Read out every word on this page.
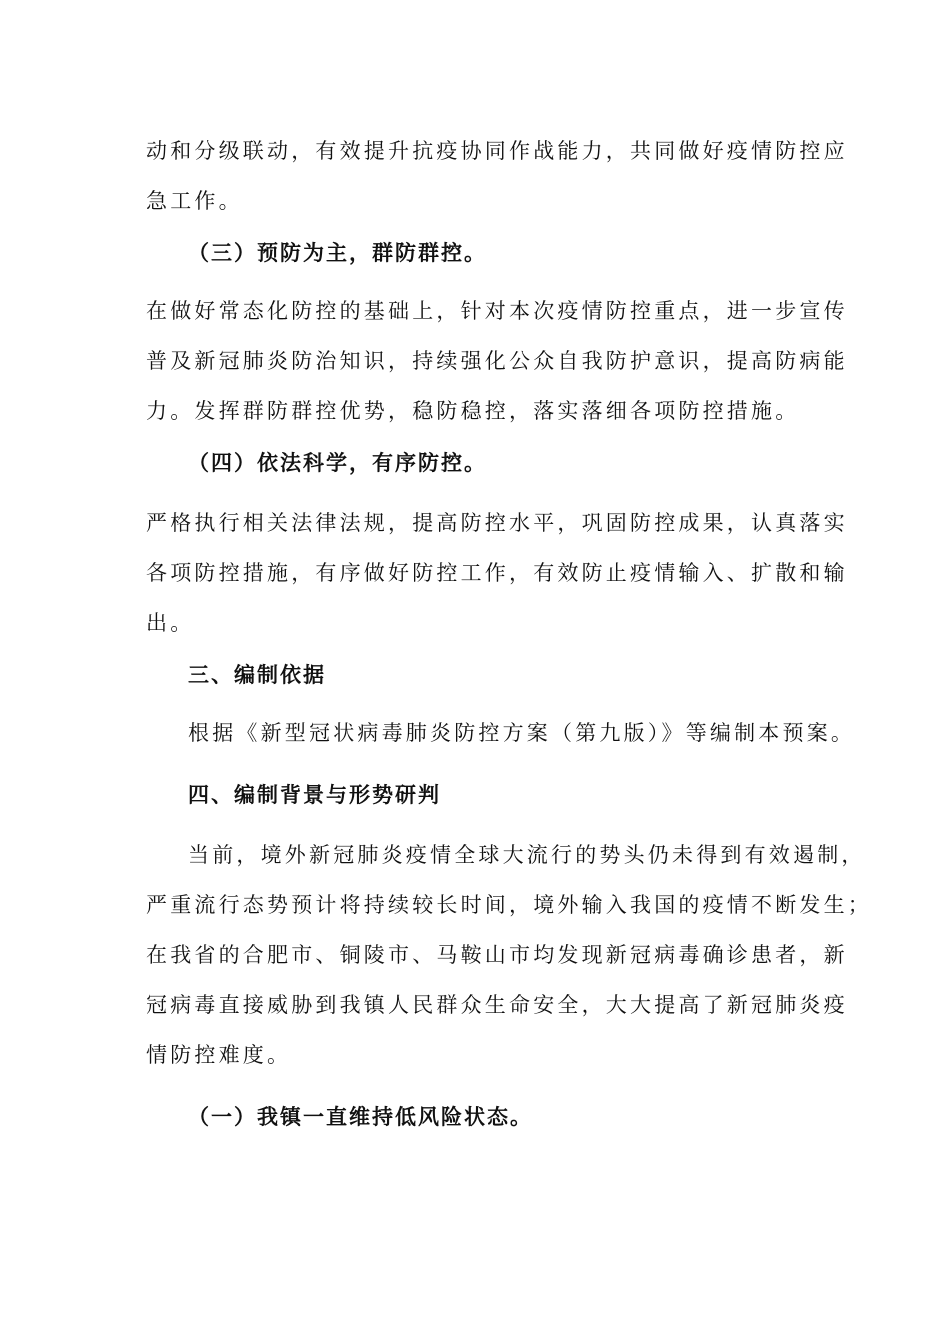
动和分级联动，有效提升抗疫协同作战能力，共同做好疫情防控应
急工作。
（三）预防为主，群防群控。
在做好常态化防控的基础上，针对本次疫情防控重点，进一步宣传
普及新冠肺炎防治知识，持续强化公众自我防护意识，提高防病能
力。发挥群防群控优势，稳防稳控，落实落细各项防控措施。
（四）依法科学，有序防控。
严格执行相关法律法规，提高防控水平，巩固防控成果，认真落实
各项防控措施，有序做好防控工作，有效防止疫情输入、扩散和输
出。
三、编制依据
根据《新型冠状病毒肺炎防控方案（第九版）》等编制本预案。
四、编制背景与形势研判
当前，境外新冠肺炎疫情全球大流行的势头仍未得到有效遏制，
严重流行态势预计将持续较长时间，境外输入我国的疫情不断发生；
在我省的合肥市、铜陵市、马鞍山市均发现新冠病毒确诊患者，新
冠病毒直接威胁到我镇人民群众生命安全，大大提高了新冠肺炎疫
情防控难度。
（一）我镇一直维持低风险状态。
